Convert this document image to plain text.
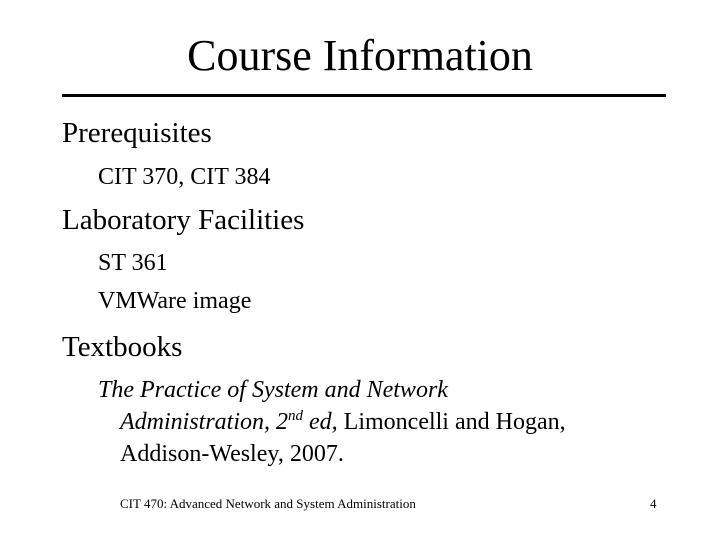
Course Information
Prerequisites
CIT 370, CIT 384
Laboratory Facilities
ST 361
VMWare image
Textbooks
The Practice of System and Network
Administration, 2nd ed, Limoncelli and Hogan,
Addison-Wesley, 2007.
CIT 470: Advanced Network and System Administration	4
